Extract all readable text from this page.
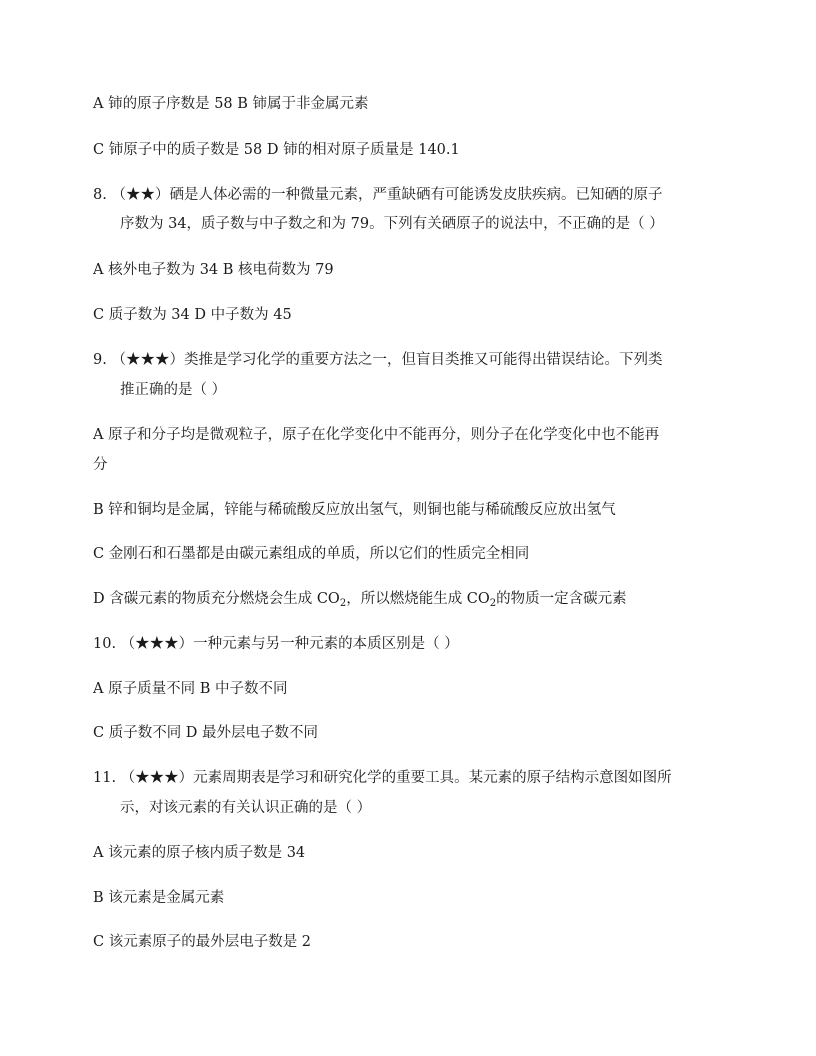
A 铈的原子序数是 58 B 铈属于非金属元素
C 铈原子中的质子数是 58 D 铈的相对原子质量是 140.1
8. （★★）硒是人体必需的一种微量元素，严重缺硒有可能诱发皮肤疾病。已知硒的原子
序数为 34，质子数与中子数之和为 79。下列有关硒原子的说法中，不正确的是（ ）
A 核外电子数为 34 B 核电荷数为 79
C 质子数为 34 D 中子数为 45
9. （★★★）类推是学习化学的重要方法之一，但盲目类推又可能得出错误结论。下列类
推正确的是（ ）
A 原子和分子均是微观粒子，原子在化学变化中不能再分，则分子在化学变化中也不能再
分
B 锌和铜均是金属，锌能与稀硫酸反应放出氢气，则铜也能与稀硫酸反应放出氢气
C 金刚石和石墨都是由碳元素组成的单质，所以它们的性质完全相同
D 含碳元素的物质充分燃烧会生成 $CO_2$，所以燃烧能生成 $CO_2$的物质一定含碳元素
10. （★★★）一种元素与另一种元素的本质区别是（ ）
A 原子质量不同 B 中子数不同
C 质子数不同 D 最外层电子数不同
11. （★★★）元素周期表是学习和研究化学的重要工具。某元素的原子结构示意图如图所
示，对该元素的有关认识正确的是（ ）
A 该元素的原子核内质子数是 34
B 该元素是金属元素
C 该元素原子的最外层电子数是 2
